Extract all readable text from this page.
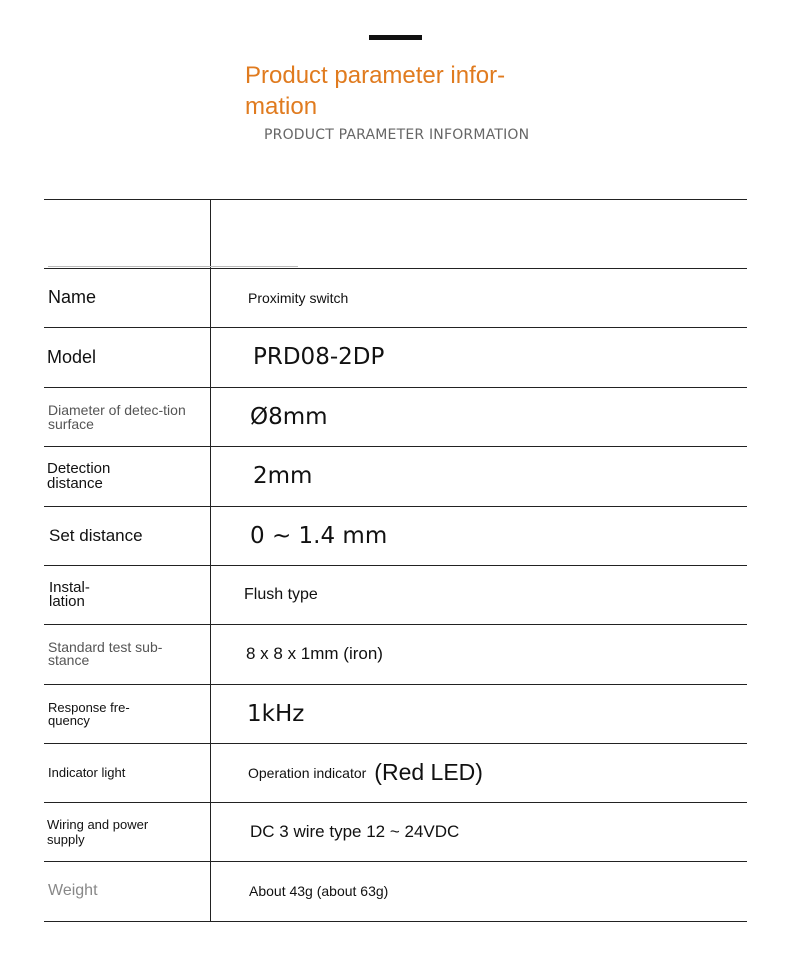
Product parameter infor-mation
PRODUCT PARAMETER INFORMATION
Name	Proximity switch
Model	PRD08-2DP
Diameter of detec-tion surface	Ø8mm
Detection distance	2mm
Set distance	0 ~ 1.4 mm
Instal-lation	Flush type
Standard test sub-stance	8 x 8 x 1mm (iron)
Response fre-quency	1kHz
Indicator light	Operation indicator (Red LED)
Wiring and power supply	DC 3 wire type 12 ~ 24VDC
Weight	About 43g (about 63g)
